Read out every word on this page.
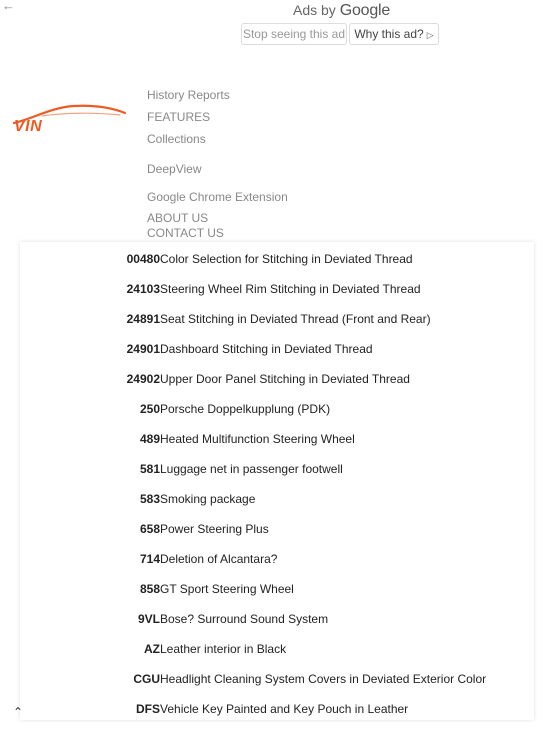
←	Ads by Google
Stop seeing this ad Why this ad? ▷
VIN
History Reports
FEATURES
Collections
DeepView
Google Chrome Extension
ABOUT US
CONTACT US
00480 Color Selection for Stitching in Deviated Thread
24103 Steering Wheel Rim Stitching in Deviated Thread
24891 Seat Stitching in Deviated Thread (Front and Rear)
24901 Dashboard Stitching in Deviated Thread
24902 Upper Door Panel Stitching in Deviated Thread
250 Porsche Doppelkupplung (PDK)
489 Heated Multifunction Steering Wheel
581 Luggage net in passenger footwell
583 Smoking package
658 Power Steering Plus
714 Deletion of Alcantara?
858 GT Sport Steering Wheel
9VL Bose? Surround Sound System
AZ Leather interior in Black
CGU Headlight Cleaning System Covers in Deviated Exterior Color
DFS Vehicle Key Painted and Key Pouch in Leather
⌃
